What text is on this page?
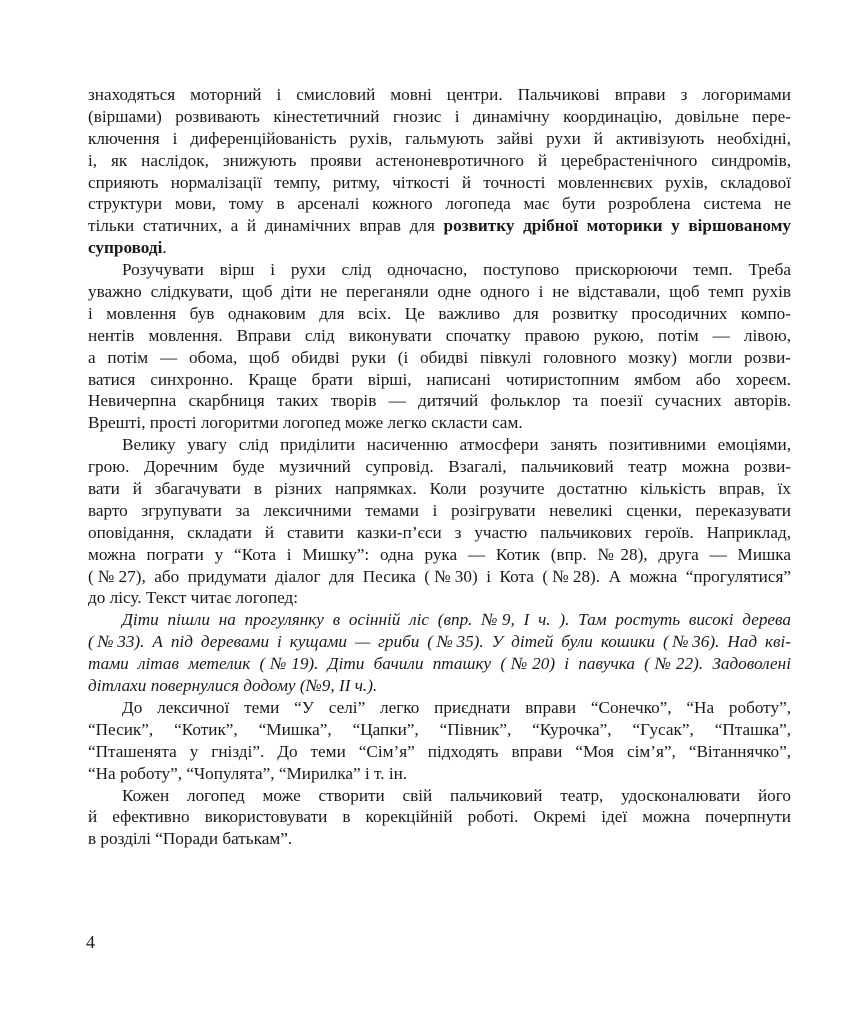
знаходяться моторний і смисловий мовні центри. Пальчикові вправи з логоримами
(віршами) розвивають кінестетичний гнозис і динамічну координацію, довільне пере-
ключення і диференційованість рухів, гальмують зайві рухи й активізують необхідні,
і, як наслідок, знижують прояви астеноневротичного й церебрастенічного синдромів,
сприяють нормалізації темпу, ритму, чіткості й точності мовленнєвих рухів, складової
структури мови, тому в арсеналі кожного логопеда має бути розроблена система не
тільки статичних, а й динамічних вправ для розвитку дрібної моторики у віршованому
супроводі.
Розучувати вірш і рухи слід одночасно, поступово прискорюючи темп. Треба
уважно слідкувати, щоб діти не переганяли одне одного і не відставали, щоб темп рухів
і мовлення був однаковим для всіх. Це важливо для розвитку просодичних компо-
нентів мовлення. Вправи слід виконувати спочатку правою рукою, потім — лівою,
а потім — обома, щоб обидві руки (і обидві півкулі головного мозку) могли розви-
ватися синхронно. Краще брати вірші, написані чотиристопним ямбом або хореєм.
Невичерпна скарбниця таких творів — дитячий фольклор та поезії сучасних авторів.
Врешті, прості логоритми логопед може легко скласти сам.
Велику увагу слід приділити насиченню атмосфери занять позитивними емоціями,
грою. Доречним буде музичний супровід. Взагалі, пальчиковий театр можна розви-
вати й збагачувати в різних напрямках. Коли розучите достатню кількість вправ, їх
варто згрупувати за лексичними темами і розігрувати невеликі сценки, переказувати
оповідання, складати й ставити казки-п’єси з участю пальчикових героїв. Наприклад,
можна пограти у “Кота і Мишку”: одна рука — Котик (впр. №28), друга — Мишка
(№27), або придумати діалог для Песика (№30) і Кота (№28). А можна “прогулятися”
до лісу. Текст читає логопед:
Діти пішли на прогулянку в осінній ліс (впр. №9, I ч. ). Там ростуть високі дерева
(№33). А під деревами і кущами — гриби (№35). У дітей були кошики (№36). Над кві-
тами літав метелик (№19). Діти бачили пташку (№20) і павучка (№22). Задоволені
дітлахи повернулися додому (№9, II ч.).
До лексичної теми “У селі” легко приєднати вправи “Сонечко”, “На роботу”,
“Песик”, “Котик”, “Мишка”, “Цапки”, “Півник”, “Курочка”, “Гусак”, “Пташка”,
“Пташенята у гнізді”. До теми “Сім’я” підходять вправи “Моя сім’я”, “Вітаннячко”,
“На роботу”, “Чопулята”, “Мирилка” і т. ін.
Кожен логопед може створити свій пальчиковий театр, удосконалювати його
й ефективно використовувати в корекційній роботі. Окремі ідеї можна почерпнути
в розділі “Поради батькам”.
4
